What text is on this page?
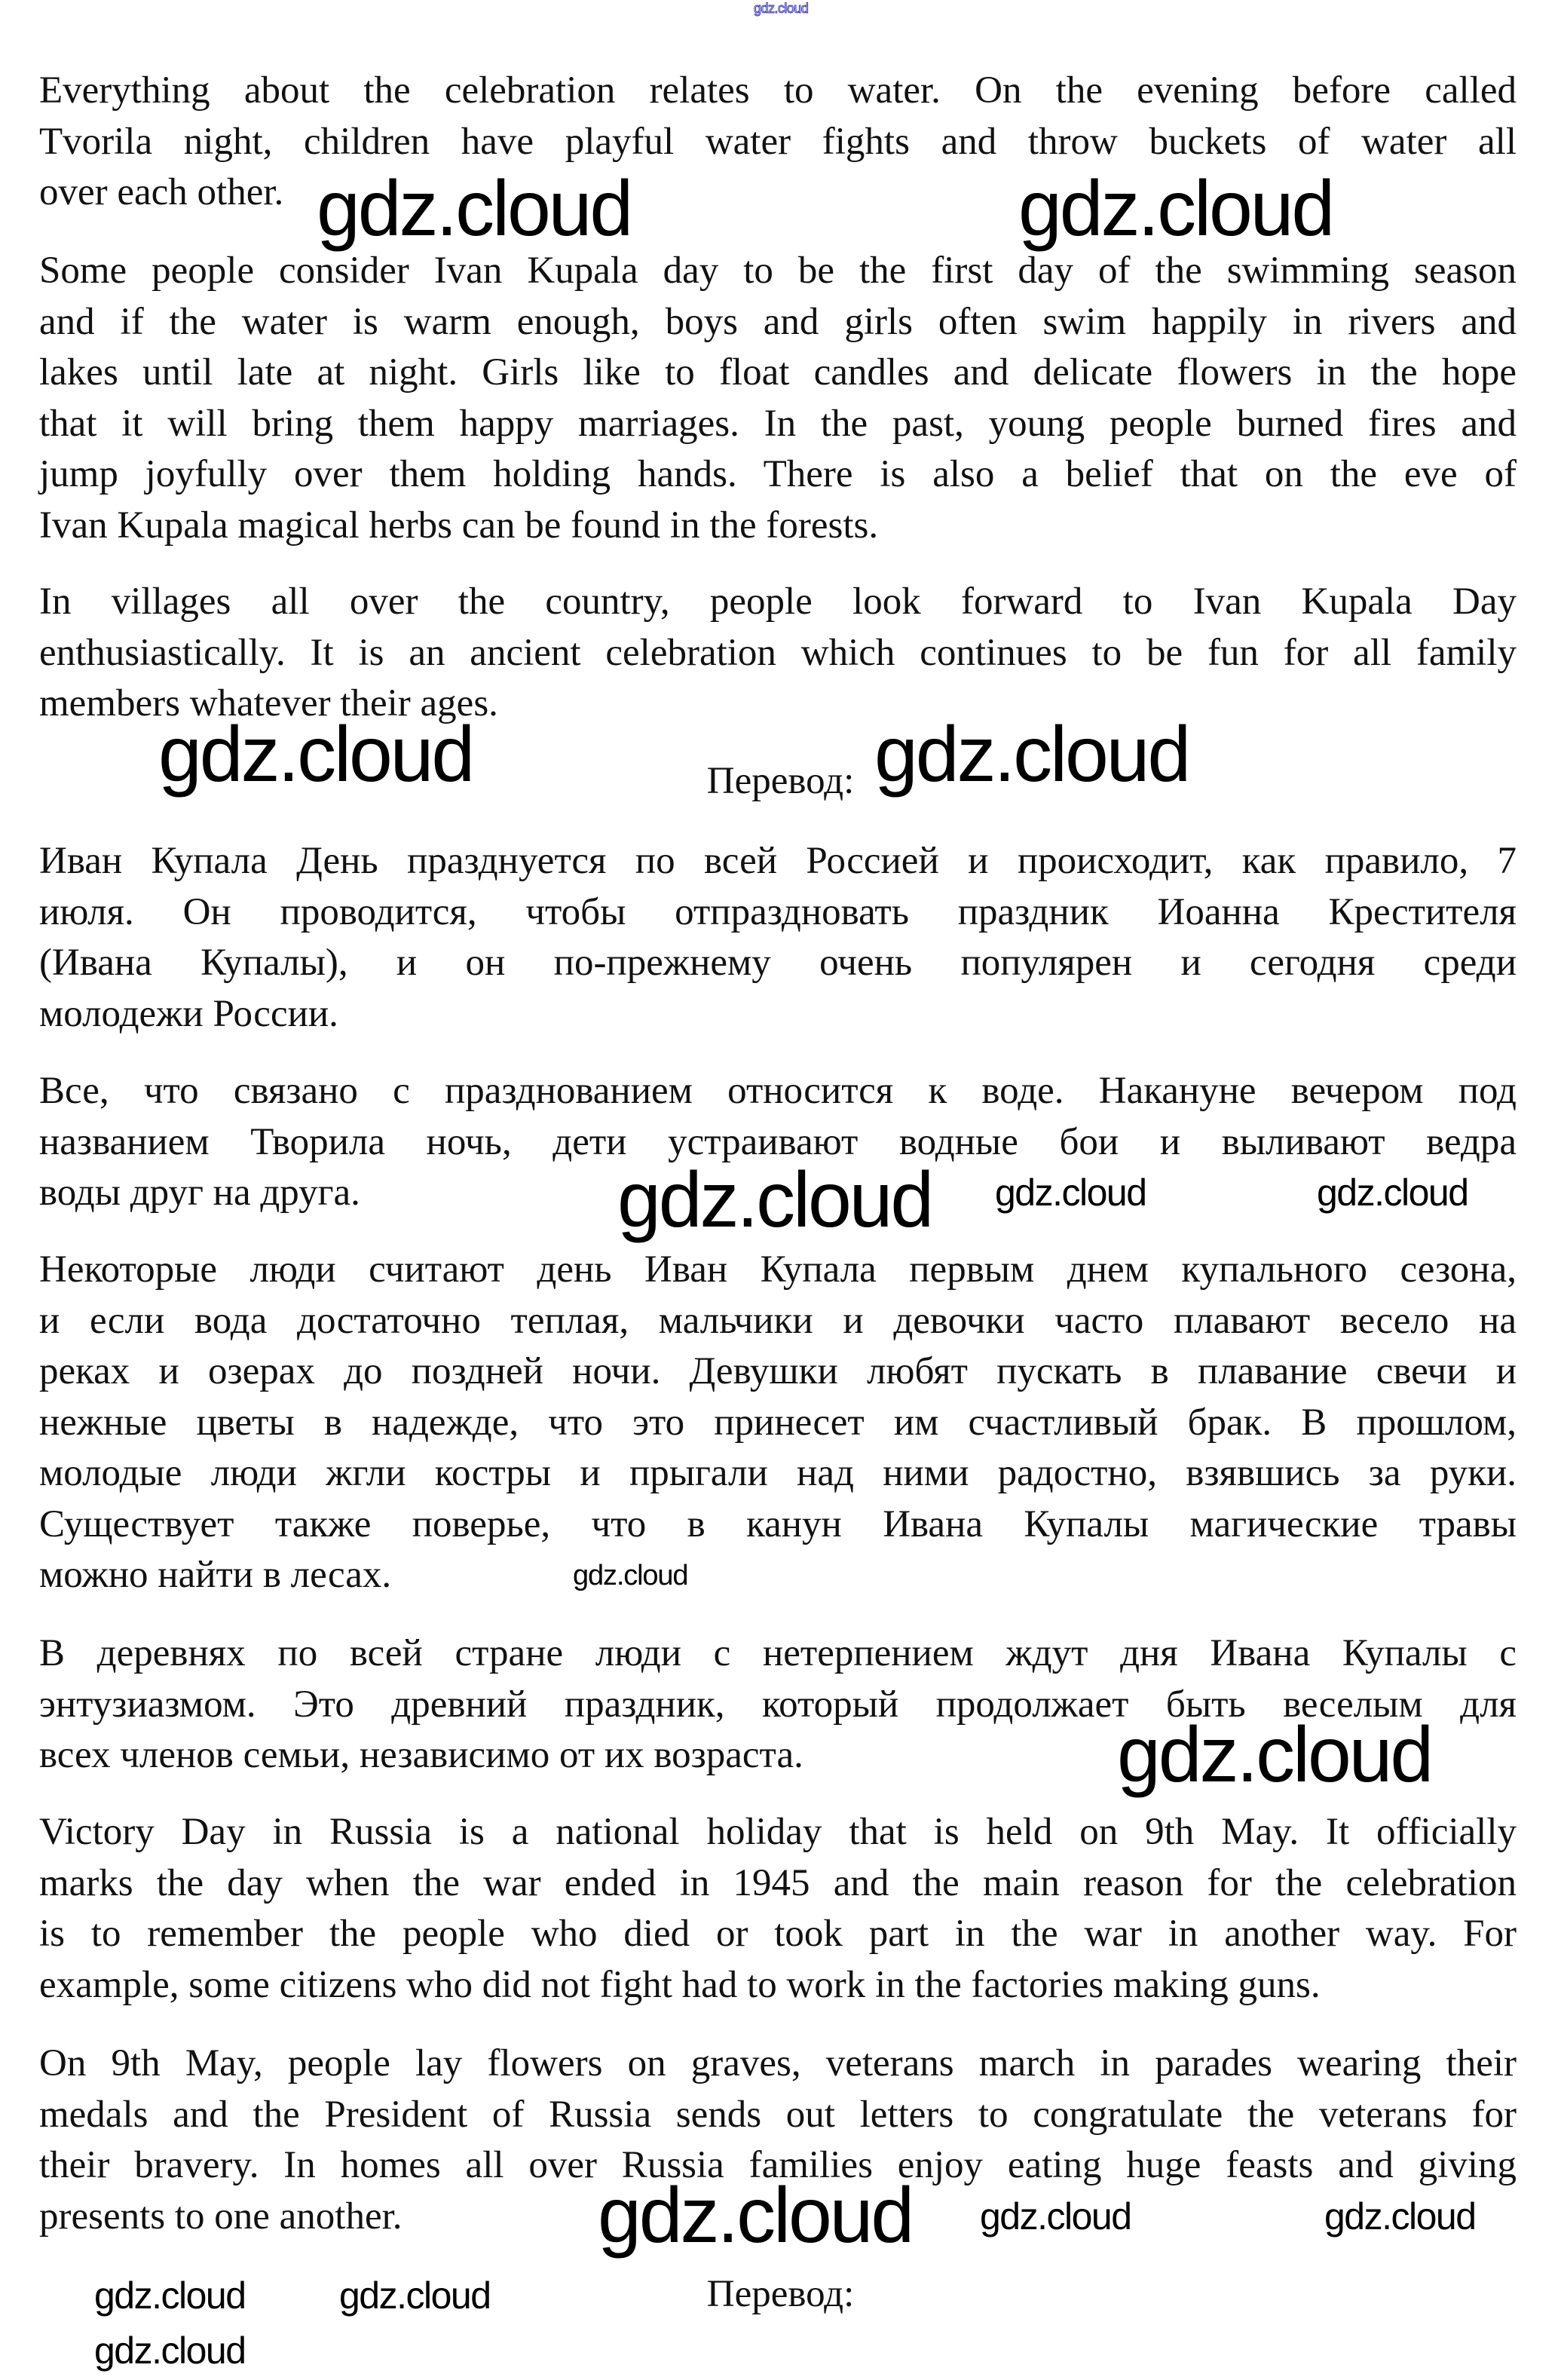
Everything about the celebration relates to water. On the evening before called
Tvorila night, children have playful water fights and throw buckets of water all
over each other.
Some people consider Ivan Kupala day to be the first day of the swimming season
and if the water is warm enough, boys and girls often swim happily in rivers and
lakes until late at night. Girls like to float candles and delicate flowers in the hope
that it will bring them happy marriages. In the past, young people burned fires and
jump joyfully over them holding hands. There is also a belief that on the eve of
Ivan Kupala magical herbs can be found in the forests.
In villages all over the country, people look forward to Ivan Kupala Day
enthusiastically. It is an ancient celebration which continues to be fun for all family
members whatever their ages.
Перевод:
Иван Купала День празднуется по всей Россией и происходит, как правило, 7
июля. Он проводится, чтобы отпраздновать праздник Иоанна Крестителя
(Ивана Купалы), и он по-прежнему очень популярен и сегодня среди
молодежи России.
Все, что связано с празднованием относится к воде. Накануне вечером под
названием Творила ночь, дети устраивают водные бои и выливают ведра
воды друг на друга.
Некоторые люди считают день Иван Купала первым днем купального сезона,
и если вода достаточно теплая, мальчики и девочки часто плавают весело на
реках и озерах до поздней ночи. Девушки любят пускать в плавание свечи и
нежные цветы в надежде, что это принесет им счастливый брак. В прошлом,
молодые люди жгли костры и прыгали над ними радостно, взявшись за руки.
Существует также поверье, что в канун Ивана Купалы магические травы
можно найти в лесах.
В деревнях по всей стране люди с нетерпением ждут дня Ивана Купалы с
энтузиазмом. Это древний праздник, который продолжает быть веселым для
всех членов семьи, независимо от их возраста.
Victory Day in Russia is a national holiday that is held on 9th May. It officially
marks the day when the war ended in 1945 and the main reason for the celebration
is to remember the people who died or took part in the war in another way. For
example, some citizens who did not fight had to work in the factories making guns.
On 9th May, people lay flowers on graves, veterans march in parades wearing their
medals and the President of Russia sends out letters to congratulate the veterans for
their bravery. In homes all over Russia families enjoy eating huge feasts and giving
presents to one another.
Перевод:
gdz.cloud
gdz.cloud	gdz.cloud
gdz.cloud	gdz.cloud
gdz.cloud	gdz.cloud
gdz.cloud
gdz.cloud
gdz.cloud
gdz.cloud	gdz.cloud
gdz.cloud
gdz.cloud gdz.cloud
gdz.cloud
